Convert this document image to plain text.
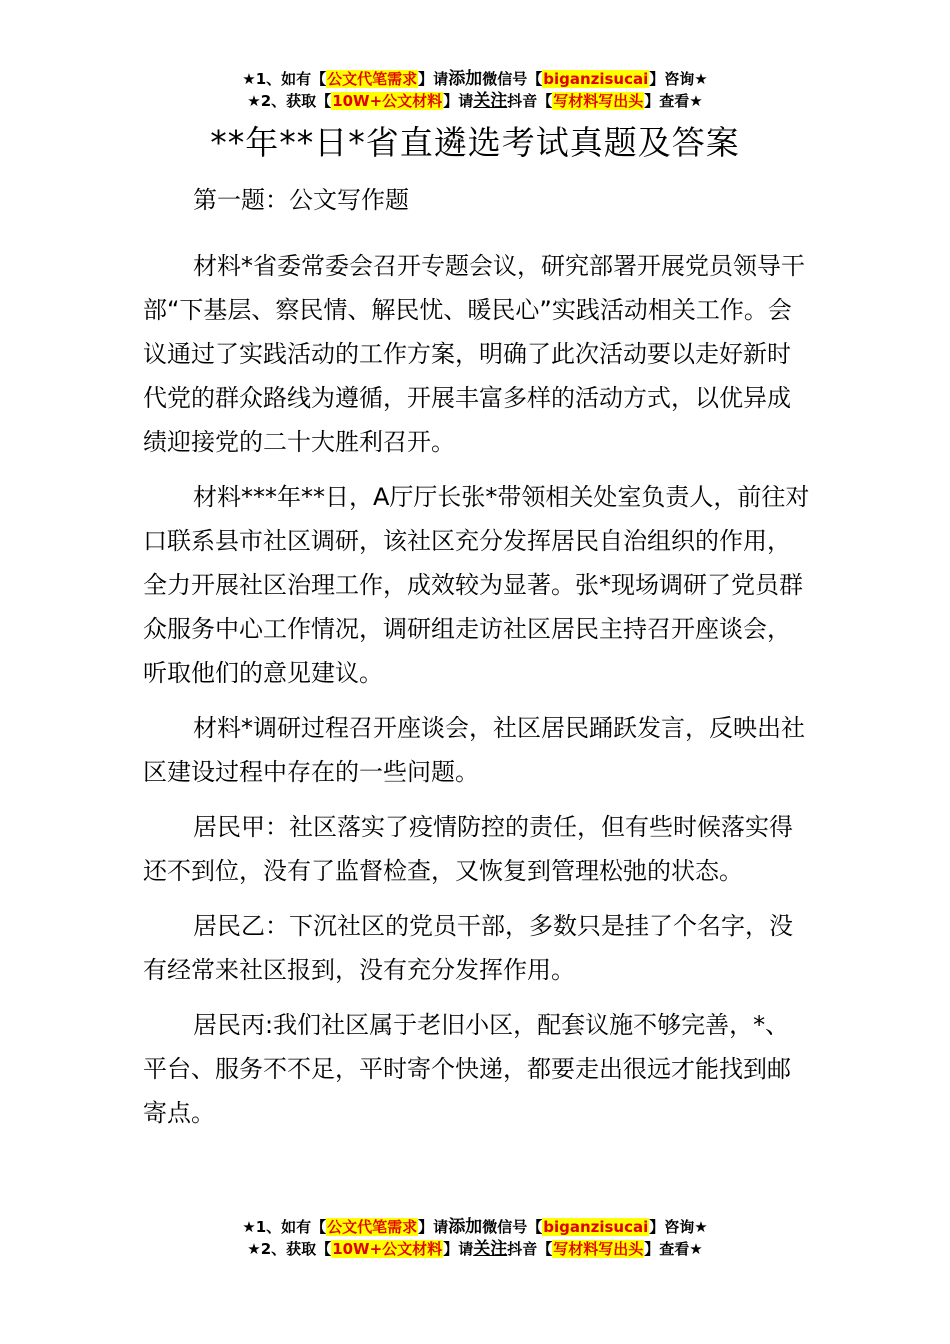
★1、如有【公文代笔需求】请添加微信号【biganzisucai】咨询★
★2、获取【10W+公文材料】请关注抖音【写材料写出头】查看★
**年**日*省直遴选考试真题及答案

第一题：公文写作题

材料*省委常委会召开专题会议，研究部署开展党员领导干部“下基层、察民情、解民忧、暖民心”实践活动相关工作。会议通过了实践活动的工作方案，明确了此次活动要以走好新时代党的群众路线为遵循，开展丰富多样的活动方式，以优异成绩迎接党的二十大胜利召开。

材料***年**日，A厅厅长张*带领相关处室负责人，前往对口联系县市社区调研，该社区充分发挥居民自治组织的作用，全力开展社区治理工作，成效较为显著。张*现场调研了党员群众服务中心工作情况，调研组走访社区居民主持召开座谈会，听取他们的意见建议。

材料*调研过程召开座谈会，社区居民踊跃发言，反映出社区建设过程中存在的一些问题。

居民甲：社区落实了疫情防控的责任，但有些时候落实得还不到位，没有了监督检查，又恢复到管理松弛的状态。

居民乙：下沉社区的党员干部，多数只是挂了个名字，没有经常来社区报到，没有充分发挥作用。

居民丙:我们社区属于老旧小区，配套议施不够完善，*、平台、服务不不足，平时寄个快递，都要走出很远才能找到邮寄点。

★1、如有【公文代笔需求】请添加微信号【biganzisucai】咨询★
★2、获取【10W+公文材料】请关注抖音【写材料写出头】查看★
